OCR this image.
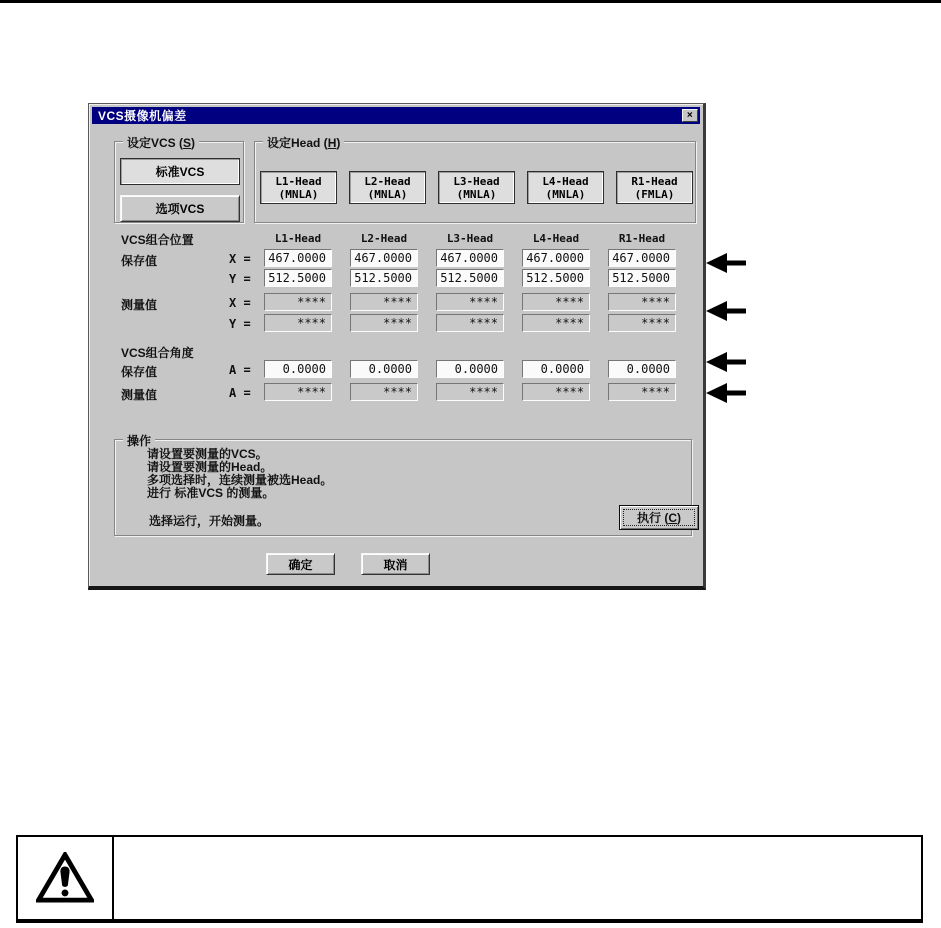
VCS摄像机偏差	×
设定VCS (S)
标准VCS
选项VCS
设定Head (H)
L1-Head
(MNLA)
L2-Head
(MNLA)
L3-Head
(MNLA)
L4-Head
(MNLA)
R1-Head
(FMLA)
VCS组合位置	L1-Head	L2-Head	L3-Head	L4-Head	R1-Head
保存值	X =	467.0000	467.0000	467.0000	467.0000	467.0000
Y =	512.5000	512.5000	512.5000	512.5000	512.5000
测量值	X =	****	****	****	****	****
Y =	****	****	****	****	****
VCS组合角度
保存值	A =	0.0000	0.0000	0.0000	0.0000	0.0000
测量值	A =	****	****	****	****	****
操作
请设置要测量的VCS。
请设置要测量的Head。
多项选择时，连续测量被选Head。
进行 标准VCS 的测量。
选择运行，开始测量。	执行 ( C )
确定	取消
